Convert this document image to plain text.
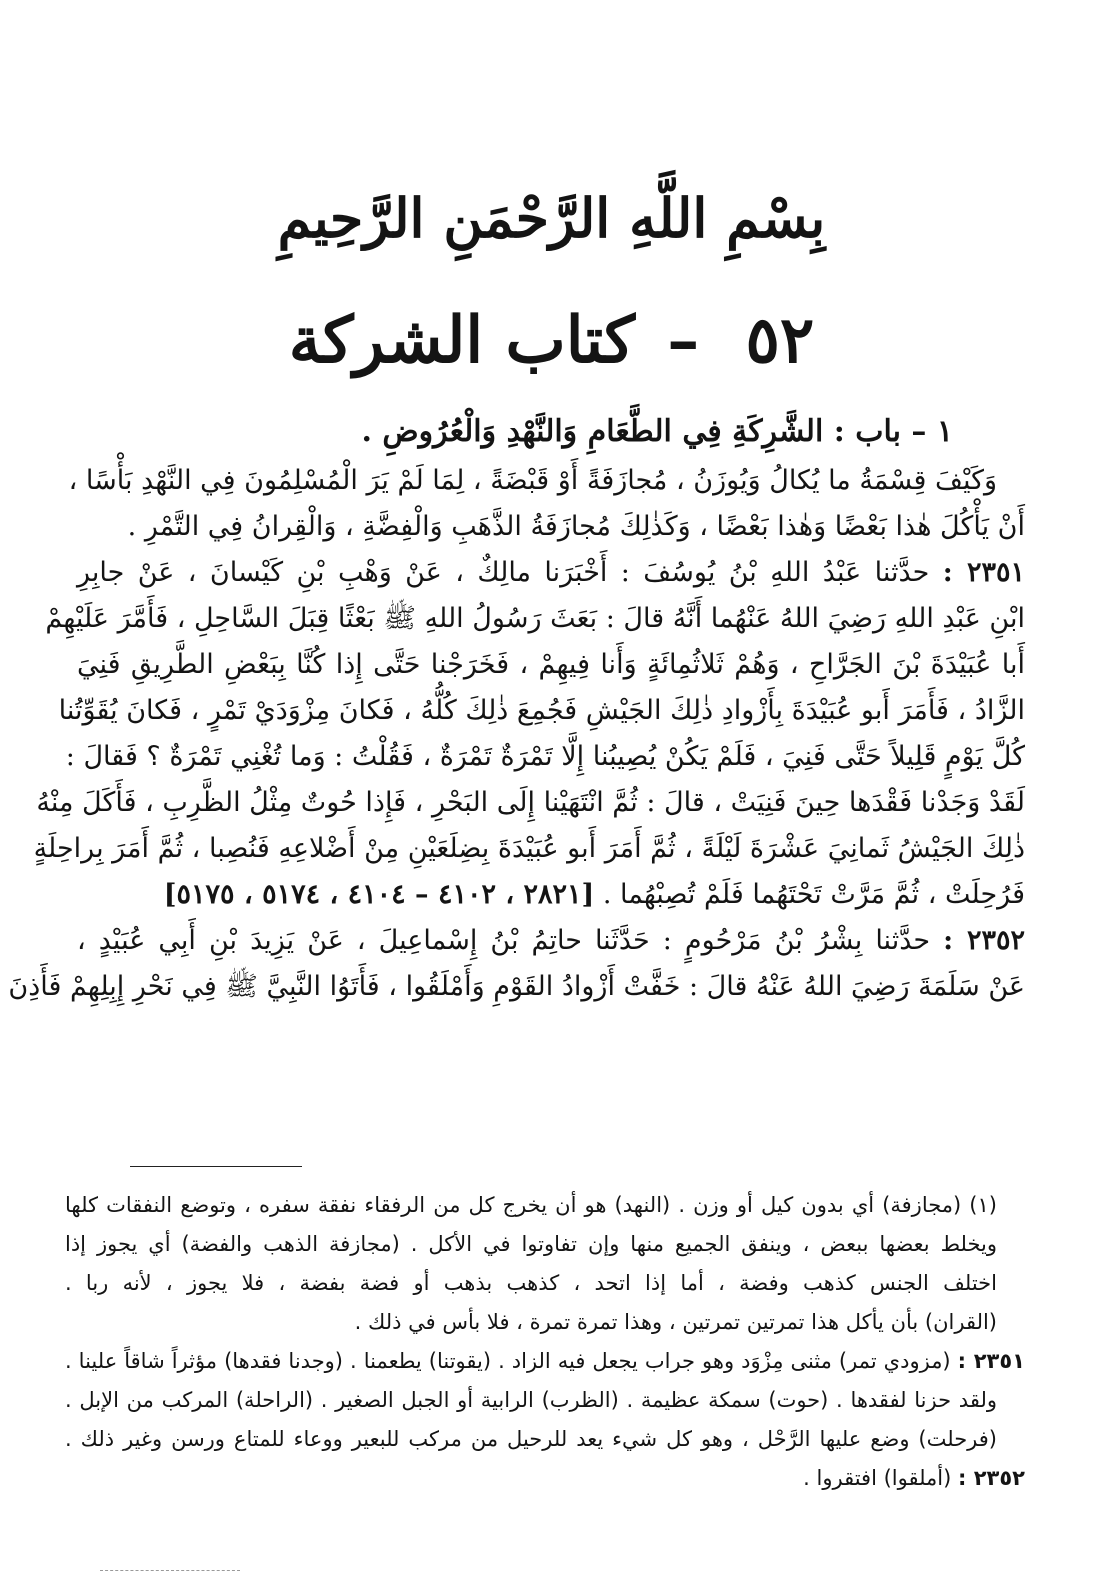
بِسْمِ اللَّهِ الرَّحْمَنِ الرَّحِيمِ
٥٢ – كتاب الشركة
١ – باب : الشَّرِكَةِ فِي الطَّعَامِ وَالنَّهْدِ وَالْعُرُوضِ .
وَكَيْفَ قِسْمَةُ ما يُكالُ وَيُوزَنُ ، مُجازَفَةً أَوْ قَبْضَةً ، لِمَا لَمْ يَرَ الْمُسْلِمُونَ فِي النَّهْدِ بَأْسًا ،
أَنْ يَأْكُلَ هٰذا بَعْضًا وَهٰذا بَعْضًا ، وَكَذٰلِكَ مُجازَفَةُ الذَّهَبِ وَالْفِضَّةِ ، وَالْقِرانُ فِي التَّمْرِ .
٢٣٥١ : حدَّثنا عَبْدُ اللهِ بْنُ يُوسُفَ : أَخْبَرَنا مالِكٌ ، عَنْ وَهْبِ بْنِ كَيْسانَ ، عَنْ جابِرِ
ابْنِ عَبْدِ اللهِ رَضِيَ اللهُ عَنْهُما أَنَّهُ قالَ : بَعَثَ رَسُولُ اللهِ ﷺ بَعْثًا قِبَلَ السَّاحِلِ ، فَأَمَّرَ عَلَيْهِمْ
أَبا عُبَيْدَةَ بْنَ الجَرَّاحِ ، وَهُمْ ثَلاثُمِائَةٍ وَأَنا فِيهِمْ ، فَخَرَجْنا حَتَّى إِذا كُنَّا بِبَعْضِ الطَّرِيقِ فَنِيَ
الزَّادُ ، فَأَمَرَ أَبو عُبَيْدَةَ بِأَزْوادِ ذٰلِكَ الجَيْشِ فَجُمِعَ ذٰلِكَ كُلُّهُ ، فَكانَ مِزْوَدَيْ تَمْرٍ ، فَكانَ يُقَوِّتُنا
كُلَّ يَوْمٍ قَلِيلاً حَتَّى فَنِيَ ، فَلَمْ يَكُنْ يُصِيبُنا إِلَّا تَمْرَةٌ تَمْرَةٌ ، فَقُلْتُ : وَما تُغْنِي تَمْرَةٌ ؟ فَقالَ :
لَقَدْ وَجَدْنا فَقْدَها حِينَ فَنِيَتْ ، قالَ : ثُمَّ انْتَهَيْنا إِلَى البَحْرِ ، فَإِذا حُوتٌ مِثْلُ الظَّرِبِ ، فَأَكَلَ مِنْهُ
ذٰلِكَ الجَيْشُ ثَمانِيَ عَشْرَةَ لَيْلَةً ، ثُمَّ أَمَرَ أَبو عُبَيْدَةَ بِضِلَعَيْنِ مِنْ أَضْلاعِهِ فَنُصِبا ، ثُمَّ أَمَرَ بِراحِلَةٍ
فَرُحِلَتْ ، ثُمَّ مَرَّتْ تَحْتَهُما فَلَمْ تُصِبْهُما . [٢٨٢١ ، ٤١٠٢ – ٤١٠٤ ، ٥١٧٤ ، ٥١٧٥]
٢٣٥٢ : حدَّثنا بِشْرُ بْنُ مَرْحُومٍ : حَدَّثَنا حاتِمُ بْنُ إِسْماعِيلَ ، عَنْ يَزِيدَ بْنِ أَبِي عُبَيْدٍ ،
عَنْ سَلَمَةَ رَضِيَ اللهُ عَنْهُ قالَ : خَفَّتْ أَزْوادُ القَوْمِ وَأَمْلَقُوا ، فَأَتَوُا النَّبِيَّ ﷺ فِي نَحْرِ إِبِلِهِمْ فَأَذِنَ
(١) (مجازفة) أي بدون كيل أو وزن . (النهد) هو أن يخرج كل من الرفقاء نفقة سفره ، وتوضع النفقات كلها
ويخلط بعضها ببعض ، وينفق الجميع منها وإن تفاوتوا في الأكل . (مجازفة الذهب والفضة) أي يجوز إذا
اختلف الجنس كذهب وفضة ، أما إذا اتحد ، كذهب بذهب أو فضة بفضة ، فلا يجوز ، لأنه ربا .
(القران) بأن يأكل هذا تمرتين تمرتين ، وهذا تمرة تمرة ، فلا بأس في ذلك .
٢٣٥١ : (مزودي تمر) مثنى مِزْوَد وهو جراب يجعل فيه الزاد . (يقوتنا) يطعمنا . (وجدنا فقدها) مؤثراً شاقاً علينا .
ولقد حزنا لفقدها . (حوت) سمكة عظيمة . (الظرب) الرابية أو الجبل الصغير . (الراحلة) المركب من الإبل .
(فرحلت) وضع عليها الرَّحْل ، وهو كل شيء يعد للرحيل من مركب للبعير ووعاء للمتاع ورسن وغير ذلك .
٢٣٥٢ : (أملقوا) افتقروا .
